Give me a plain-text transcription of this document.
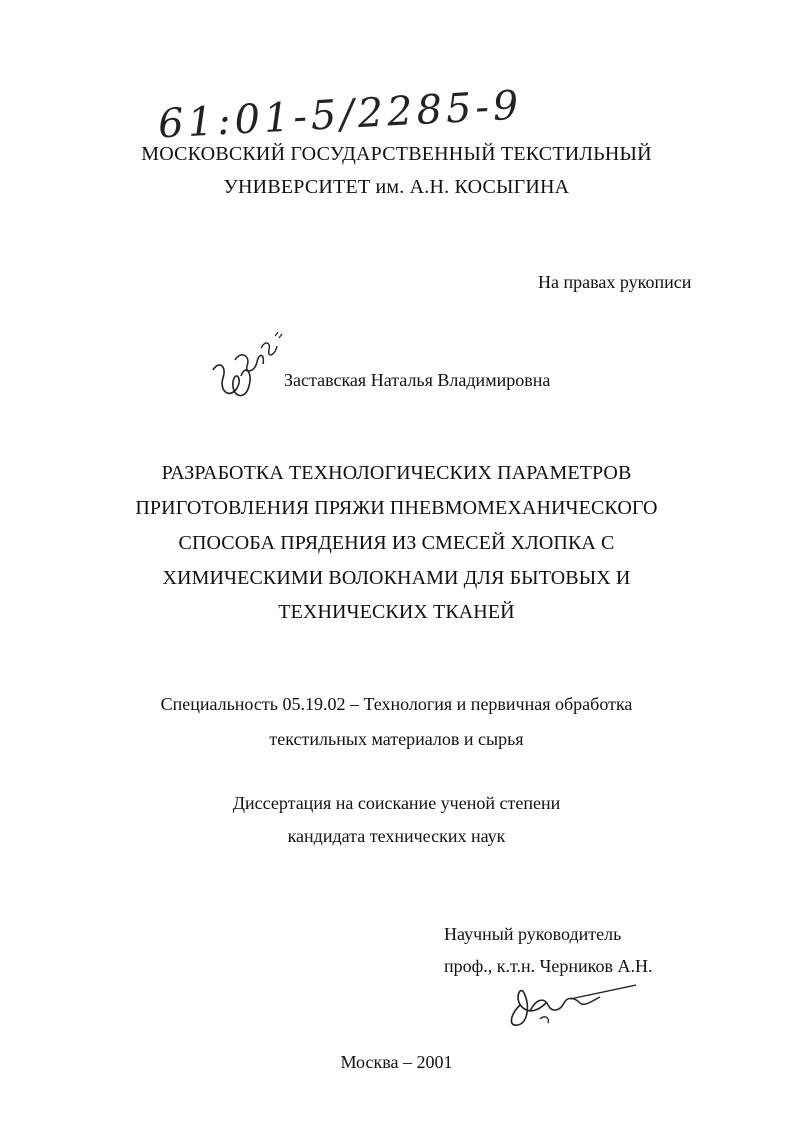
61:01-5/2285-9
МОСКОВСКИЙ ГОСУДАРСТВЕННЫЙ ТЕКСТИЛЬНЫЙ
УНИВЕРСИТЕТ им. А.Н. КОСЫГИНА
На правах рукописи
Заставская Наталья Владимировна
РАЗРАБОТКА ТЕХНОЛОГИЧЕСКИХ ПАРАМЕТРОВ
ПРИГОТОВЛЕНИЯ ПРЯЖИ ПНЕВМОМЕХАНИЧЕСКОГО
СПОСОБА ПРЯДЕНИЯ ИЗ СМЕСЕЙ ХЛОПКА С
ХИМИЧЕСКИМИ ВОЛОКНАМИ ДЛЯ БЫТОВЫХ И
ТЕХНИЧЕСКИХ ТКАНЕЙ
Специальность 05.19.02 – Технология и первичная обработка
текстильных материалов и сырья
Диссертация на соискание ученой степени
кандидата технических наук
Научный руководитель
проф., к.т.н. Черников А.Н.
Москва – 2001
